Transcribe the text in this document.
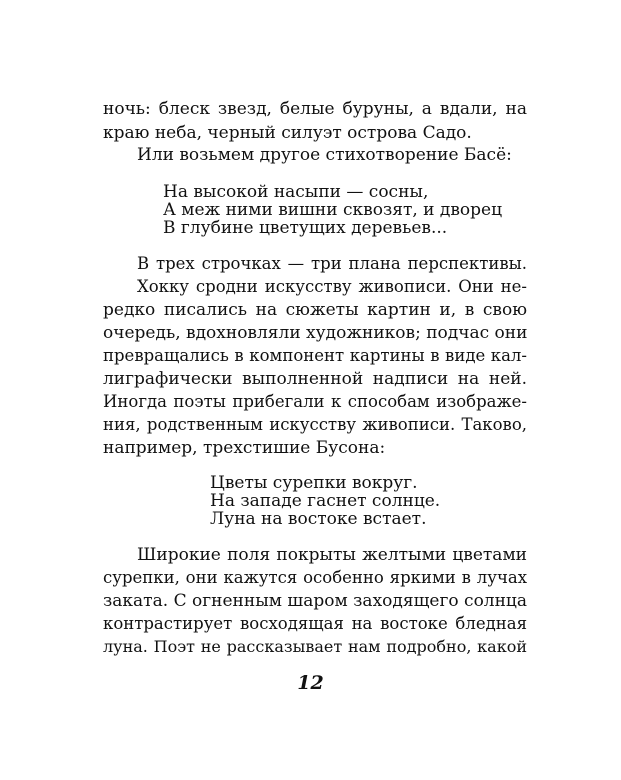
ночь: блеск звезд, белые буруны, а вдали, на
краю неба, черный силуэт острова Садо.
Или возьмем другое стихотворение Басё:
На высокой насыпи — сосны,
А меж ними вишни сквозят, и дворец
В глубине цветущих деревьев...
В трех строчках — три плана перспективы.
Хокку сродни искусству живописи. Они не-
редко писались на сюжеты картин и, в свою
очередь, вдохновляли художников; подчас они
превращались в компонент картины в виде кал-
лиграфически выполненной надписи на ней.
Иногда поэты прибегали к способам изображе-
ния, родственным искусству живописи. Таково,
например, трехстишие Бусона:
Цветы сурепки вокруг.
На западе гаснет солнце.
Луна на востоке встает.
Широкие поля покрыты желтыми цветами
сурепки, они кажутся особенно яркими в лучах
заката. С огненным шаром заходящего солнца
контрастирует восходящая на востоке бледная
луна. Поэт не рассказывает нам подробно, какой
12
